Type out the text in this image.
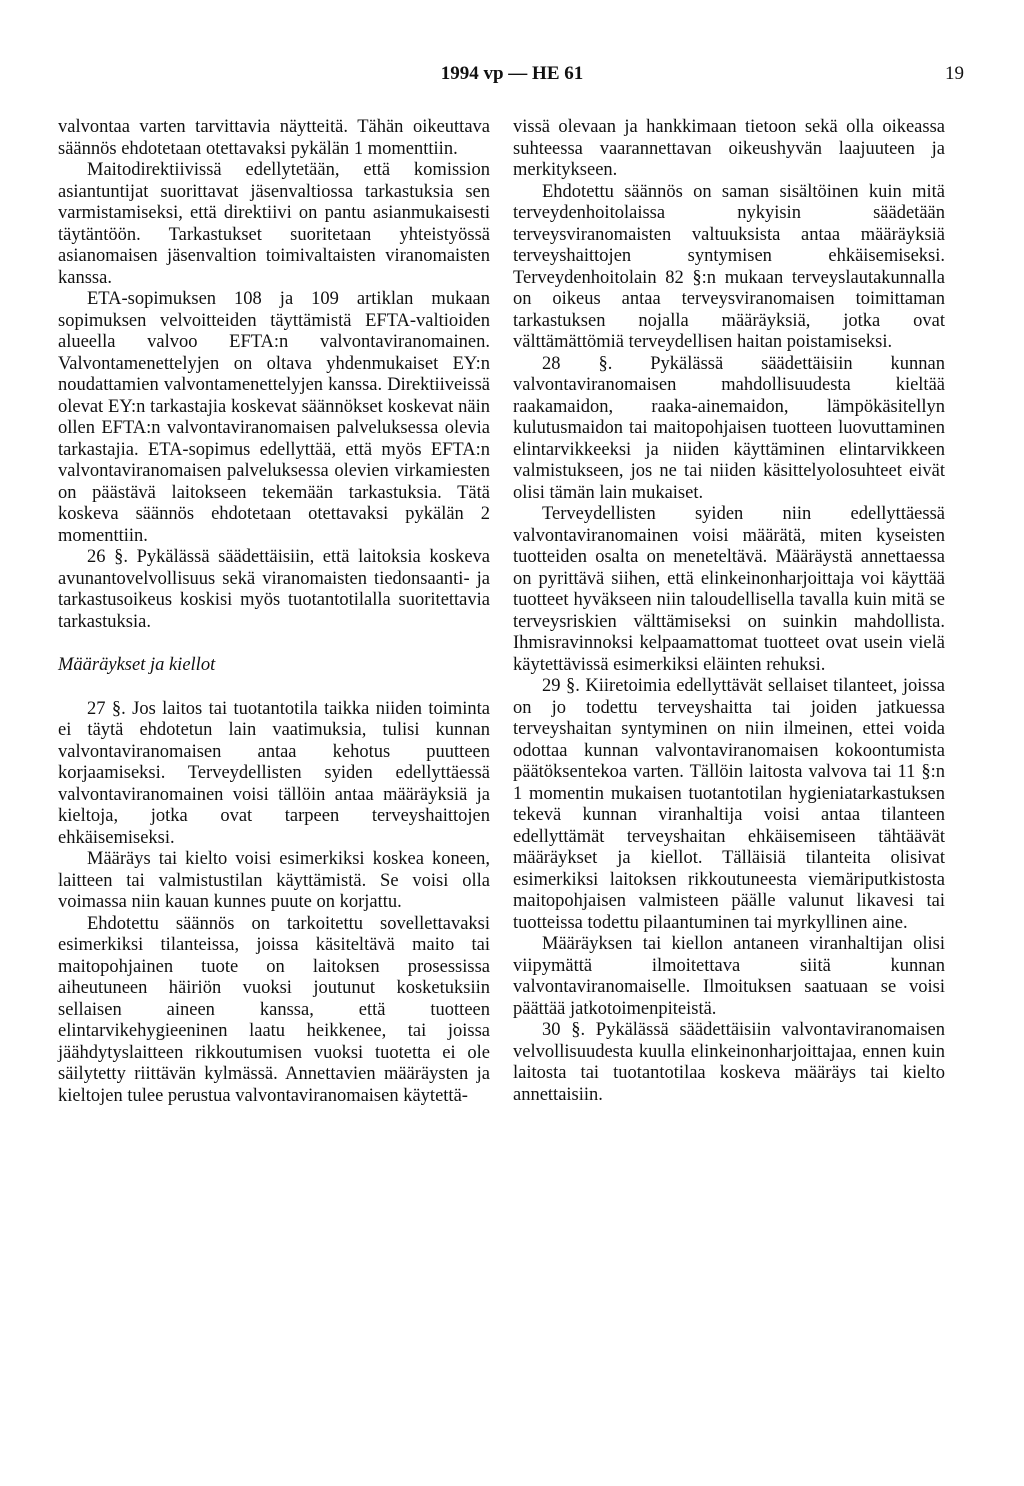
1994 vp — HE 61	19

valvontaa varten tarvittavia näytteitä. Tähän oikeuttava säännös ehdotetaan otettavaksi pykälän 1 momenttiin.

Maitodirektiivissä edellytetään, että komission asiantuntijat suorittavat jäsenvaltiossa tarkastuksia sen varmistamiseksi, että direktiivi on pantu asianmukaisesti täytäntöön. Tarkastukset suoritetaan yhteistyössä asianomaisen jäsenvaltion toimivaltaisten viranomaisten kanssa.

ETA-sopimuksen 108 ja 109 artiklan mukaan sopimuksen velvoitteiden täyttämistä EFTA-valtioiden alueella valvoo EFTA:n valvontaviranomainen. Valvontamenettelyjen on oltava yhdenmukaiset EY:n noudattamien valvontamenettelyjen kanssa. Direktiiveissä olevat EY:n tarkastajia koskevat säännökset koskevat näin ollen EFTA:n valvontaviranomaisen palveluksessa olevia tarkastajia. ETA-sopimus edellyttää, että myös EFTA:n valvontaviranomaisen palveluksessa olevien virkamiesten on päästävä laitokseen tekemään tarkastuksia. Tätä koskeva säännös ehdotetaan otettavaksi pykälän 2 momenttiin.

26 §. Pykälässä säädettäisiin, että laitoksia koskeva avunantovelvollisuus sekä viranomaisten tiedonsaanti- ja tarkastusoikeus koskisi myös tuotantotilalla suoritettavia tarkastuksia.

Määräykset ja kiellot

27 §. Jos laitos tai tuotantotila taikka niiden toiminta ei täytä ehdotetun lain vaatimuksia, tulisi kunnan valvontaviranomaisen antaa kehotus puutteen korjaamiseksi. Terveydellisten syiden edellyttäessä valvontaviranomainen voisi tällöin antaa määräyksiä ja kieltoja, jotka ovat tarpeen terveyshaittojen ehkäisemiseksi.

Määräys tai kielto voisi esimerkiksi koskea koneen, laitteen tai valmistustilan käyttämistä. Se voisi olla voimassa niin kauan kunnes puute on korjattu.

Ehdotettu säännös on tarkoitettu sovellettavaksi esimerkiksi tilanteissa, joissa käsiteltävä maito tai maitopohjainen tuote on laitoksen prosessissa aiheutuneen häiriön vuoksi joutunut kosketuksiin sellaisen aineen kanssa, että tuotteen elintarvikehygieeninen laatu heikkenee, tai joissa jäähdytyslaitteen rikkoutumisen vuoksi tuotetta ei ole säilytetty riittävän kylmässä. Annettavien määräysten ja kieltojen tulee perustua valvontaviranomaisen käytettä-

vissä olevaan ja hankkimaan tietoon sekä olla oikeassa suhteessa vaarannettavan oikeushyvän laajuuteen ja merkitykseen.

Ehdotettu säännös on saman sisältöinen kuin mitä terveydenhoitolaissa nykyisin säädetään terveysviranomaisten valtuuksista antaa määräyksiä terveyshaittojen syntymisen ehkäisemiseksi. Terveydenhoitolain 82 §:n mukaan terveyslautakunnalla on oikeus antaa terveysviranomaisen toimittaman tarkastuksen nojalla määräyksiä, jotka ovat välttämättömiä terveydellisen haitan poistamiseksi.

28 §. Pykälässä säädettäisiin kunnan valvontaviranomaisen mahdollisuudesta kieltää raakamaidon, raaka-ainemaidon, lämpökäsitellyn kulutusmaidon tai maitopohjaisen tuotteen luovuttaminen elintarvikkeeksi ja niiden käyttäminen elintarvikkeen valmistukseen, jos ne tai niiden käsittelyolosuhteet eivät olisi tämän lain mukaiset.

Terveydellisten syiden niin edellyttäessä valvontaviranomainen voisi määrätä, miten kyseisten tuotteiden osalta on meneteltävä. Määräystä annettaessa on pyrittävä siihen, että elinkeinonharjoittaja voi käyttää tuotteet hyväkseen niin taloudellisella tavalla kuin mitä se terveysriskien välttämiseksi on suinkin mahdollista. Ihmisravinnoksi kelpaamattomat tuotteet ovat usein vielä käytettävissä esimerkiksi eläinten rehuksi.

29 §. Kiiretoimia edellyttävät sellaiset tilanteet, joissa on jo todettu terveyshaitta tai joiden jatkuessa terveyshaitan syntyminen on niin ilmeinen, ettei voida odottaa kunnan valvontaviranomaisen kokoontumista päätöksentekoa varten. Tällöin laitosta valvova tai 11 §:n 1 momentin mukaisen tuotantotilan hygieniatarkastuksen tekevä kunnan viranhaltija voisi antaa tilanteen edellyttämät terveyshaitan ehkäisemiseen tähtäävät määräykset ja kiellot. Tälläisiä tilanteita olisivat esimerkiksi laitoksen rikkoutuneesta viemäriputkistosta maitopohjaisen valmisteen päälle valunut likavesi tai tuotteissa todettu pilaantuminen tai myrkyllinen aine.

Määräyksen tai kiellon antaneen viranhaltijan olisi viipymättä ilmoitettava siitä kunnan valvontaviranomaiselle. Ilmoituksen saatuaan se voisi päättää jatkotoimenpiteistä.

30 §. Pykälässä säädettäisiin valvontaviranomaisen velvollisuudesta kuulla elinkeinonharjoittajaa, ennen kuin laitosta tai tuotantotilaa koskeva määräys tai kielto annettaisiin.
